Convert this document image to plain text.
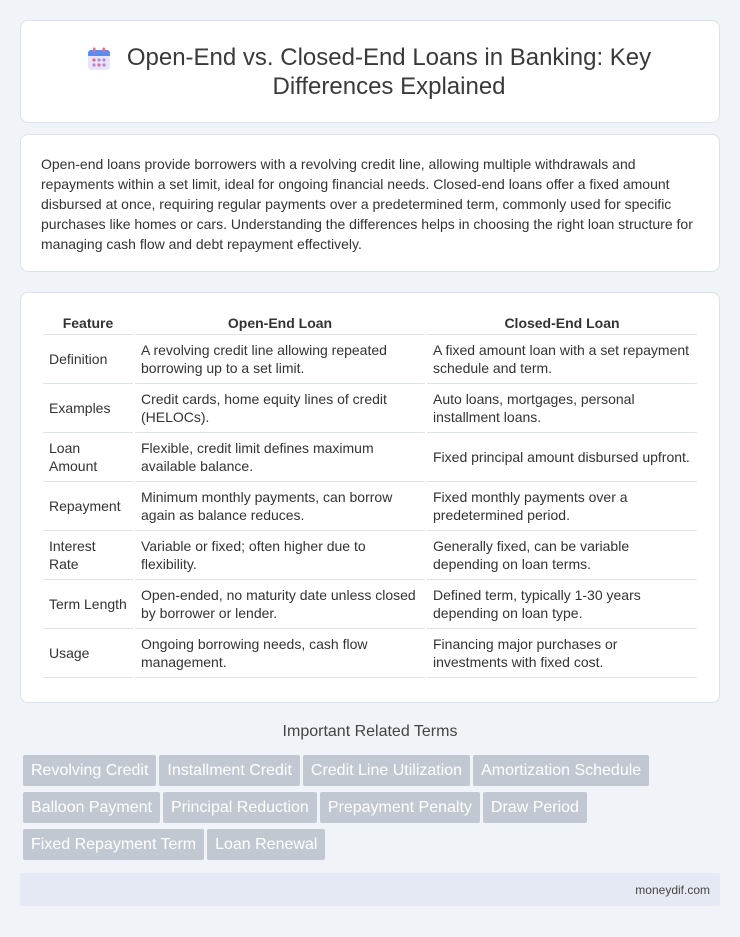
Open-End vs. Closed-End Loans in Banking: Key Differences Explained

Open-end loans provide borrowers with a revolving credit line, allowing multiple withdrawals and repayments within a set limit, ideal for ongoing financial needs. Closed-end loans offer a fixed amount disbursed at once, requiring regular payments over a predetermined term, commonly used for specific purchases like homes or cars. Understanding the differences helps in choosing the right loan structure for managing cash flow and debt repayment effectively.

Feature	Open-End Loan	Closed-End Loan
Definition	A revolving credit line allowing repeated borrowing up to a set limit.	A fixed amount loan with a set repayment schedule and term.
Examples	Credit cards, home equity lines of credit (HELOCs).	Auto loans, mortgages, personal installment loans.
Loan Amount	Flexible, credit limit defines maximum available balance.	Fixed principal amount disbursed upfront.
Repayment	Minimum monthly payments, can borrow again as balance reduces.	Fixed monthly payments over a predetermined period.
Interest Rate	Variable or fixed; often higher due to flexibility.	Generally fixed, can be variable depending on loan terms.
Term Length	Open-ended, no maturity date unless closed by borrower or lender.	Defined term, typically 1-30 years depending on loan type.
Usage	Ongoing borrowing needs, cash flow management.	Financing major purchases or investments with fixed cost.
Important Related Terms
Revolving Credit Installment Credit Credit Line Utilization Amortization Schedule
Balloon Payment Principal Reduction Prepayment Penalty Draw Period
Fixed Repayment Term Loan Renewal
moneydif.com
